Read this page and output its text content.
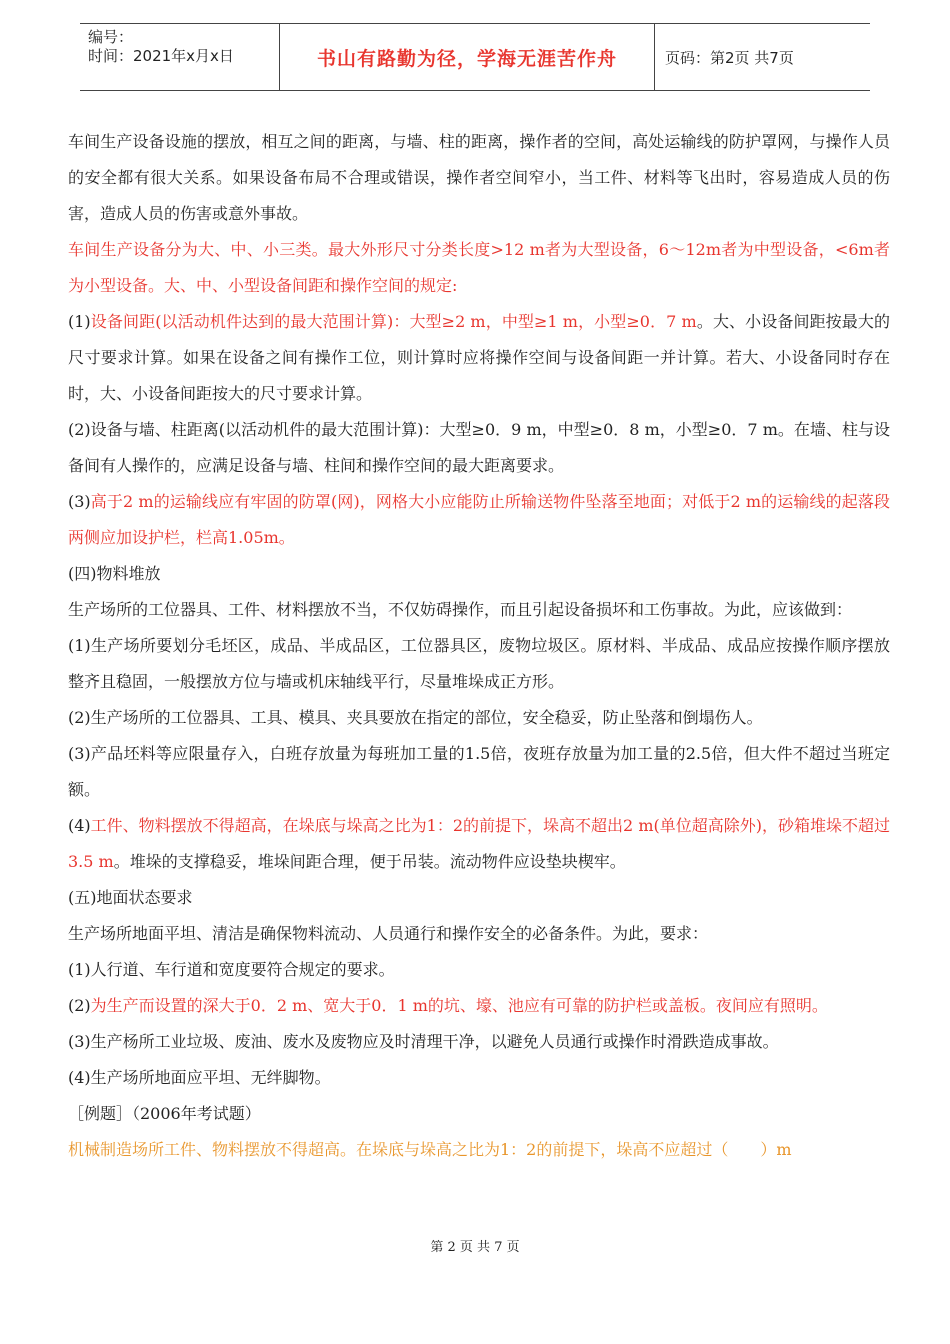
编号：
时间：2021年x月x日	书山有路勤为径，学海无涯苦作舟	页码：第2页 共7页

车间生产设备设施的摆放，相互之间的距离，与墙、柱的距离，操作者的空间，高处运输线的防护罩网，与操作人员的安全都有很大关系。如果设备布局不合理或错误，操作者空间窄小，当工件、材料等飞出时，容易造成人员的伤害，造成人员的伤害或意外事故。

车间生产设备分为大、中、小三类。最大外形尺寸分类长度>12 m者为大型设备，6～12m者为中型设备，<6m者为小型设备。大、中、小型设备间距和操作空间的规定:

(1)设备间距(以活动机件达到的最大范围计算)：大型≥2 m，中型≥1 m，小型≥0．7 m。大、小设备间距按最大的尺寸要求计算。如果在设备之间有操作工位，则计算时应将操作空间与设备间距一并计算。若大、小设备同时存在时，大、小设备间距按大的尺寸要求计算。

(2)设备与墙、柱距离(以活动机件的最大范围计算)：大型≥0．9 m，中型≥0．8 m，小型≥0．7 m。在墙、柱与设备间有人操作的，应满足设备与墙、柱间和操作空间的最大距离要求。

(3)高于2 m的运输线应有牢固的防罩(网)，网格大小应能防止所输送物件坠落至地面；对低于2 m的运输线的起落段两侧应加设护栏，栏高1.05m。

(四)物料堆放

生产场所的工位器具、工件、材料摆放不当，不仅妨碍操作，而且引起设备损坏和工伤事故。为此，应该做到：

(1)生产场所要划分毛坯区，成品、半成品区，工位器具区，废物垃圾区。原材料、半成品、成品应按操作顺序摆放整齐且稳固，一般摆放方位与墙或机床轴线平行，尽量堆垛成正方形。

(2)生产场所的工位器具、工具、模具、夹具要放在指定的部位，安全稳妥，防止坠落和倒塌伤人。

(3)产品坯料等应限量存入，白班存放量为每班加工量的1.5倍，夜班存放量为加工量的2.5倍，但大件不超过当班定额。

(4)工件、物料摆放不得超高，在垛底与垛高之比为1：2的前提下，垛高不超出2 m(单位超高除外)，砂箱堆垛不超过3.5 m。堆垛的支撑稳妥，堆垛间距合理，便于吊装。流动物件应设垫块楔牢。

(五)地面状态要求

生产场所地面平坦、清洁是确保物料流动、人员通行和操作安全的必备条件。为此，要求：

(1)人行道、车行道和宽度要符合规定的要求。

(2)为生产而设置的深大于0．2 m、宽大于0．1 m的坑、壕、池应有可靠的防护栏或盖板。夜间应有照明。

(3)生产杨所工业垃圾、废油、废水及废物应及时清理干净，以避免人员通行或操作时滑跌造成事故。

(4)生产场所地面应平坦、无绊脚物。

［例题］（2006年考试题）

机械制造场所工件、物料摆放不得超高。在垛底与垛高之比为1：2的前提下，垛高不应超过（　　）m

第 2 页 共 7 页
